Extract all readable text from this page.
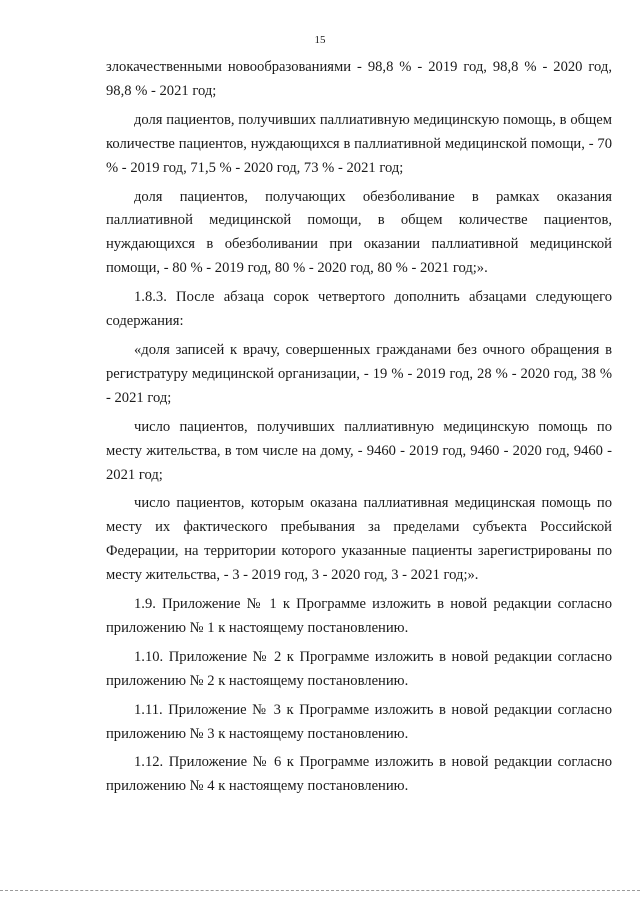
15

злокачественными новообразованиями - 98,8 % - 2019 год, 98,8 % - 2020 год, 98,8 % - 2021 год;

доля пациентов, получивших паллиативную медицинскую помощь, в общем количестве пациентов, нуждающихся в паллиативной медицинской помощи, - 70 % - 2019 год, 71,5 % - 2020 год, 73 % - 2021 год;

доля пациентов, получающих обезболивание в рамках оказания паллиативной медицинской помощи, в общем количестве пациентов, нуждающихся в обезболивании при оказании паллиативной медицинской помощи, - 80 % - 2019 год, 80 % - 2020 год, 80 % - 2021 год;».

1.8.3. После абзаца сорок четвертого дополнить абзацами следующего содержания:

«доля записей к врачу, совершенных гражданами без очного обращения в регистратуру медицинской организации, - 19 % - 2019 год, 28 % - 2020 год, 38 % - 2021 год;

число пациентов, получивших паллиативную медицинскую помощь по месту жительства, в том числе на дому, - 9460 - 2019 год, 9460 - 2020 год, 9460 - 2021 год;

число пациентов, которым оказана паллиативная медицинская помощь по месту их фактического пребывания за пределами субъекта Российской Федерации, на территории которого указанные пациенты зарегистрированы по месту жительства, - 3 - 2019 год, 3 - 2020 год, 3 - 2021 год;».

1.9. Приложение № 1 к Программе изложить в новой редакции согласно приложению № 1 к настоящему постановлению.

1.10. Приложение № 2 к Программе изложить в новой редакции согласно приложению № 2 к настоящему постановлению.

1.11. Приложение № 3 к Программе изложить в новой редакции согласно приложению № 3 к настоящему постановлению.

1.12. Приложение № 6 к Программе изложить в новой редакции согласно приложению № 4 к настоящему постановлению.
